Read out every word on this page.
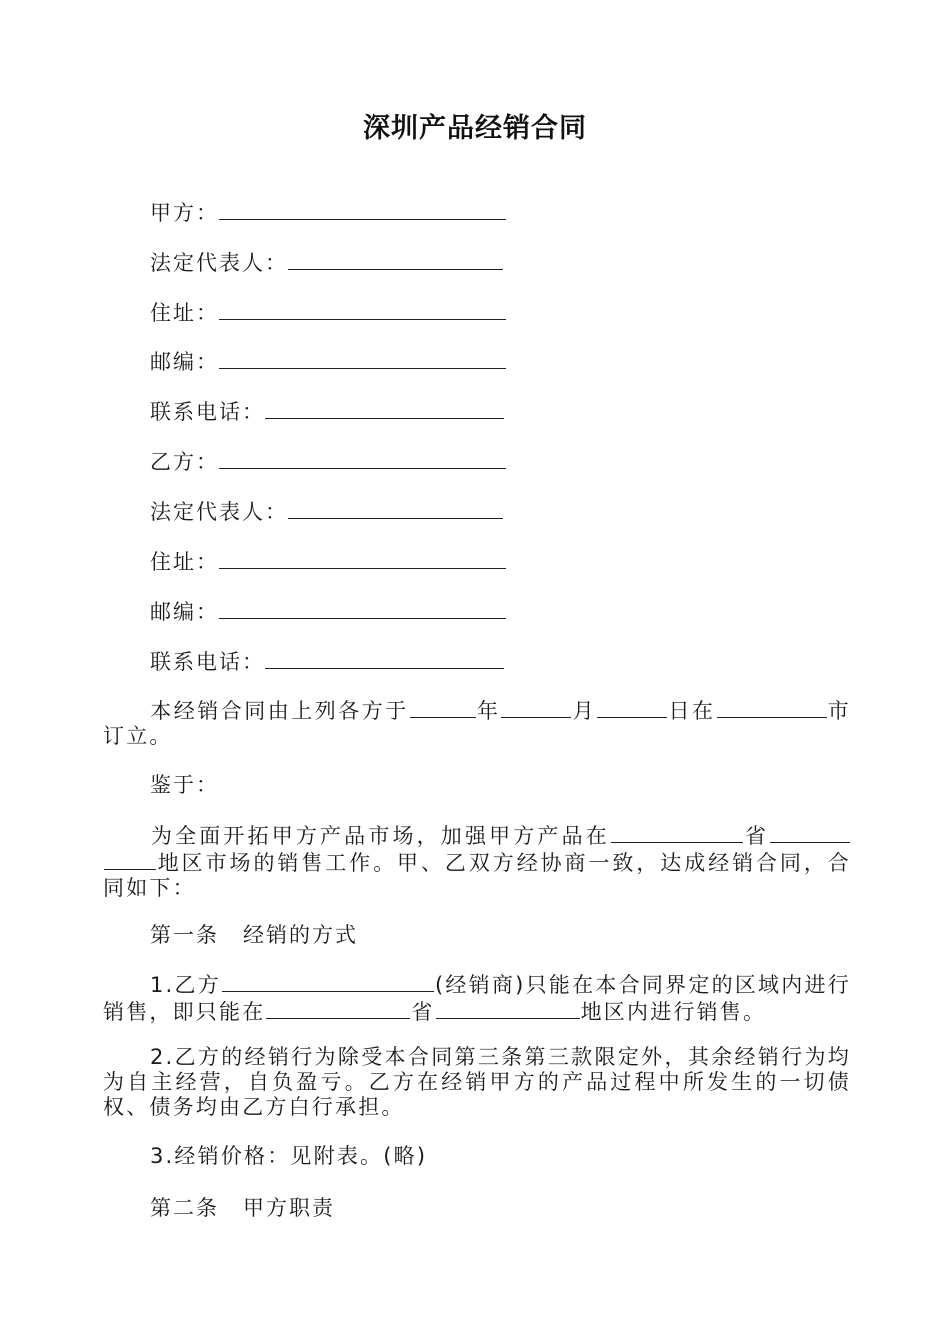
深圳产品经销合同
甲方：
法定代表人：
住址：
邮编：
联系电话：
乙方：
法定代表人：
住址：
邮编：
联系电话：
本经销合同由上列各方于	年	月	日在	市订立。
鉴于：
为全面开拓甲方产品市场，加强甲方产品在	省地区市场的销售工作。甲、乙双方经协商一致，达成经销合同，合同如下：
第一条 经销的方式
1.乙方	(经销商)只能在本合同界定的区域内进行销售，即只能在	省	地区内进行销售。
2.乙方的经销行为除受本合同第三条第三款限定外，其余经销行为均为自主经营，自负盈亏。乙方在经销甲方的产品过程中所发生的一切债权、债务均由乙方白行承担。
3.经销价格：见附表。(略)
第二条 甲方职责
